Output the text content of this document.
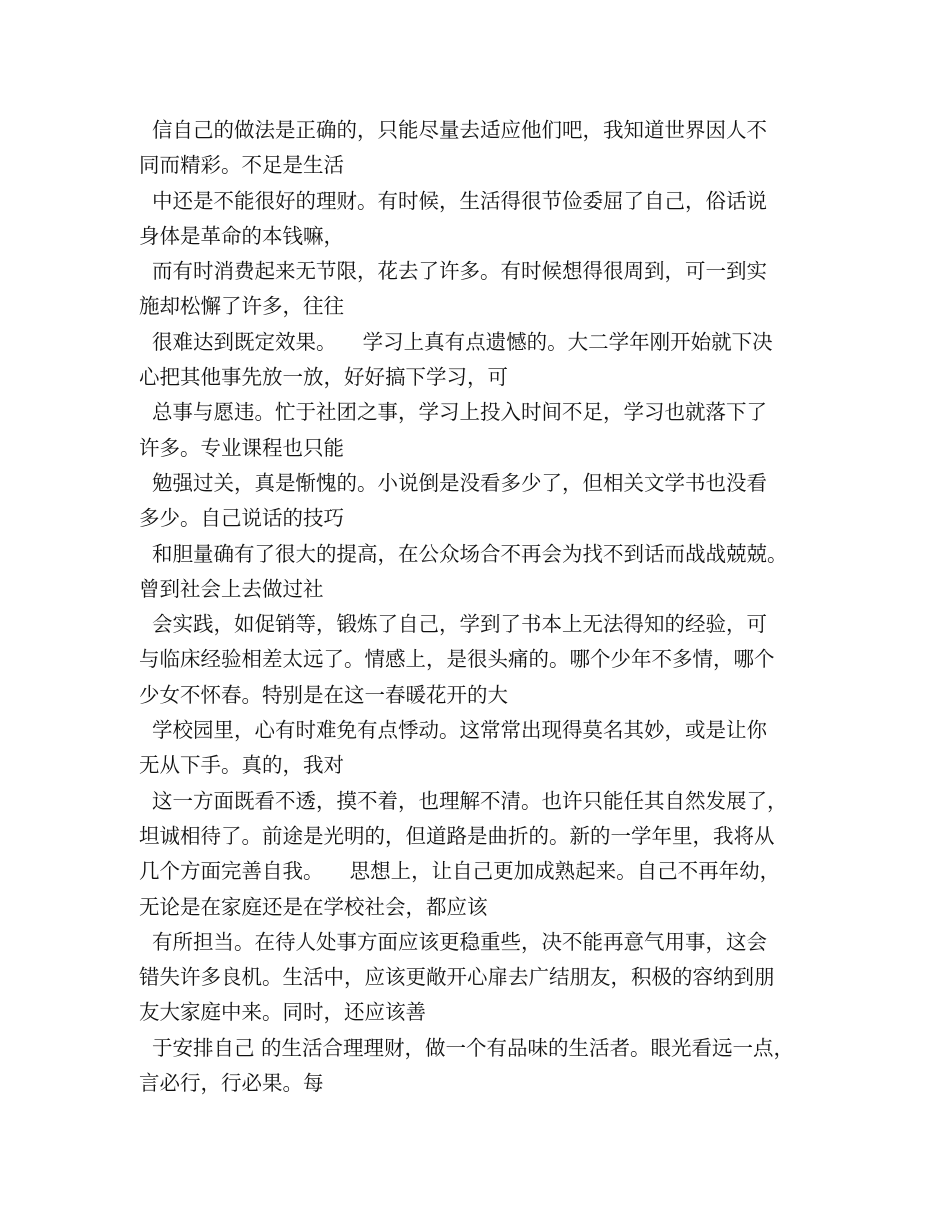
信自己的做法是正确的，只能尽量去适应他们吧，我知道世界因人不
同而精彩。不足是生活
中还是不能很好的理财。有时候，生活得很节俭委屈了自己，俗话说
身体是革命的本钱嘛，
而有时消费起来无节限，花去了许多。有时候想得很周到，可一到实
施却松懈了许多，往往
很难达到既定效果。    学习上真有点遗憾的。大二学年刚开始就下决
心把其他事先放一放，好好搞下学习，可
总事与愿违。忙于社团之事，学习上投入时间不足，学习也就落下了
许多。专业课程也只能
勉强过关，真是惭愧的。小说倒是没看多少了，但相关文学书也没看
多少。自己说话的技巧
和胆量确有了很大的提高，在公众场合不再会为找不到话而战战兢兢。
曾到社会上去做过社
会实践，如促销等，锻炼了自己，学到了书本上无法得知的经验，可
与临床经验相差太远了。情感上，是很头痛的。哪个少年不多情，哪个
少女不怀春。特别是在这一春暖花开的大
学校园里，心有时难免有点悸动。这常常出现得莫名其妙，或是让你
无从下手。真的，我对
这一方面既看不透，摸不着，也理解不清。也许只能任其自然发展了，
坦诚相待了。前途是光明的，但道路是曲折的。新的一学年里，我将从
几个方面完善自我。    思想上，让自己更加成熟起来。自己不再年幼，
无论是在家庭还是在学校社会，都应该
有所担当。在待人处事方面应该更稳重些，决不能再意气用事，这会
错失许多良机。生活中，应该更敞开心扉去广结朋友，积极的容纳到朋
友大家庭中来。同时，还应该善
于安排自己 的生活合理理财，做一个有品味的生活者。眼光看远一点，
言必行，行必果。每
